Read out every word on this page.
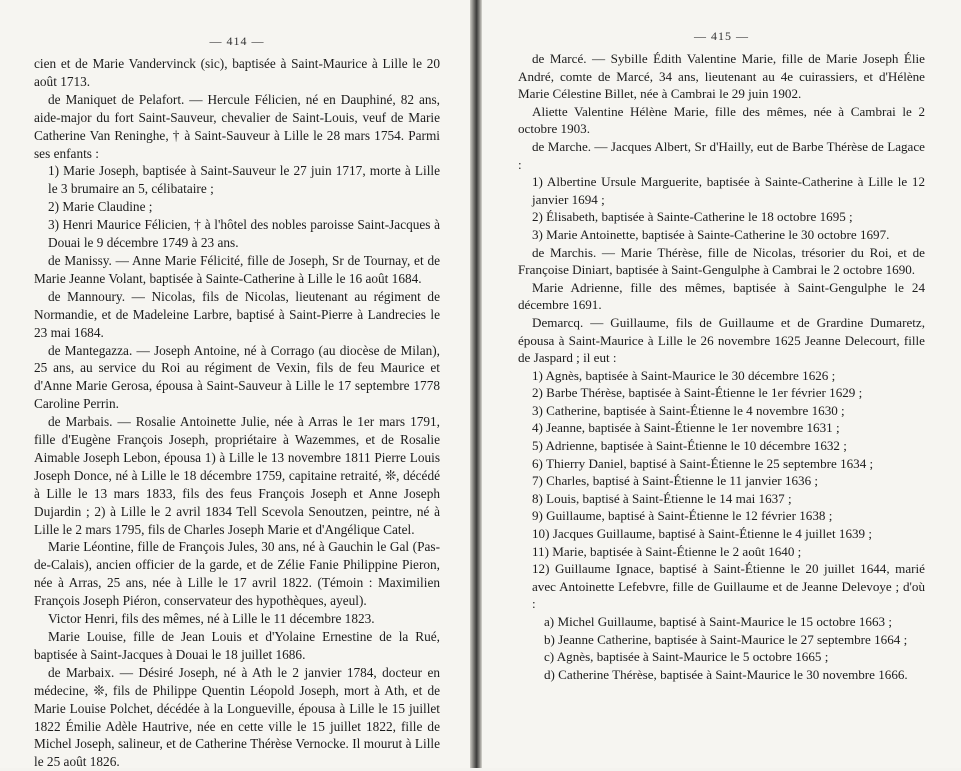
— 414 —

cien et de Marie Vandervinck (sic), baptisée à Saint-Maurice à Lille le 20 août 1713.

de Maniquet de Pelafort. — Hercule Félicien, né en Dauphiné, 82 ans, aide-major du fort Saint-Sauveur, chevalier de Saint-Louis, veuf de Marie Catherine Van Reninghe, † à Saint-Sauveur à Lille le 28 mars 1754. Parmi ses enfants :

1) Marie Joseph, baptisée à Saint-Sauveur le 27 juin 1717, morte à Lille le 3 brumaire an 5, célibataire ;

2) Marie Claudine ;

3) Henri Maurice Félicien, † à l'hôtel des nobles paroisse Saint-Jacques à Douai le 9 décembre 1749 à 23 ans.

de Manissy. — Anne Marie Félicité, fille de Joseph, Sr de Tournay, et de Marie Jeanne Volant, baptisée à Sainte-Catherine à Lille le 16 août 1684.

de Mannoury. — Nicolas, fils de Nicolas, lieutenant au régiment de Normandie, et de Madeleine Larbre, baptisé à Saint-Pierre à Landrecies le 23 mai 1684.

de Mantegazza. — Joseph Antoine, né à Corrago (au diocèse de Milan), 25 ans, au service du Roi au régiment de Vexin, fils de feu Maurice et d'Anne Marie Gerosa, épousa à Saint-Sauveur à Lille le 17 septembre 1778 Caroline Perrin.

de Marbais. — Rosalie Antoinette Julie, née à Arras le 1er mars 1791, fille d'Eugène François Joseph, propriétaire à Wazemmes, et de Rosalie Aimable Joseph Lebon, épousa 1) à Lille le 13 novembre 1811 Pierre Louis Joseph Donce, né à Lille le 18 décembre 1759, capitaine retraité, ❊, décédé à Lille le 13 mars 1833, fils des feus François Joseph et Anne Joseph Dujardin ; 2) à Lille le 2 avril 1834 Tell Scevola Senoutzen, peintre, né à Lille le 2 mars 1795, fils de Charles Joseph Marie et d'Angélique Catel.

Marie Léontine, fille de François Jules, 30 ans, né à Gauchin le Gal (Pas-de-Calais), ancien officier de la garde, et de Zélie Fanie Philippine Pieron, née à Arras, 25 ans, née à Lille le 17 avril 1822. (Témoin : Maximilien François Joseph Piéron, conservateur des hypothèques, ayeul).

Victor Henri, fils des mêmes, né à Lille le 11 décembre 1823.

Marie Louise, fille de Jean Louis et d'Yolaine Ernestine de la Rué, baptisée à Saint-Jacques à Douai le 18 juillet 1686.

de Marbaix. — Désiré Joseph, né à Ath le 2 janvier 1784, docteur en médecine, ❊, fils de Philippe Quentin Léopold Joseph, mort à Ath, et de Marie Louise Polchet, décédée à la Longueville, épousa à Lille le 15 juillet 1822 Émilie Adèle Hautrive, née en cette ville le 15 juillet 1822, fille de Michel Joseph, salineur, et de Catherine Thérèse Vernocke. Il mourut à Lille le 25 août 1826.

— 415 —

de Marcé. — Sybille Édith Valentine Marie, fille de Marie Joseph Élie André, comte de Marcé, 34 ans, lieutenant au 4e cuirassiers, et d'Hélène Marie Célestine Billet, née à Cambrai le 29 juin 1902.

Aliette Valentine Hélène Marie, fille des mêmes, née à Cambrai le 2 octobre 1903.

de Marche. — Jacques Albert, Sr d'Hailly, eut de Barbe Thérèse de Lagace :

1) Albertine Ursule Marguerite, baptisée à Sainte-Catherine à Lille le 12 janvier 1694 ;

2) Élisabeth, baptisée à Sainte-Catherine le 18 octobre 1695 ;

3) Marie Antoinette, baptisée à Sainte-Catherine le 30 octobre 1697.

de Marchis. — Marie Thérèse, fille de Nicolas, trésorier du Roi, et de Françoise Diniart, baptisée à Saint-Gengulphe à Cambrai le 2 octobre 1690.

Marie Adrienne, fille des mêmes, baptisée à Saint-Gengulphe le 24 décembre 1691.

Demarcq. — Guillaume, fils de Guillaume et de Grardine Dumaretz, épousa à Saint-Maurice à Lille le 26 novembre 1625 Jeanne Delecourt, fille de Jaspard ; il eut :

1) Agnès, baptisée à Saint-Maurice le 30 décembre 1626 ;

2) Barbe Thérèse, baptisée à Saint-Étienne le 1er février 1629 ;

3) Catherine, baptisée à Saint-Étienne le 4 novembre 1630 ;

4) Jeanne, baptisée à Saint-Étienne le 1er novembre 1631 ;

5) Adrienne, baptisée à Saint-Étienne le 10 décembre 1632 ;

6) Thierry Daniel, baptisé à Saint-Étienne le 25 septembre 1634 ;

7) Charles, baptisé à Saint-Étienne le 11 janvier 1636 ;

8) Louis, baptisé à Saint-Étienne le 14 mai 1637 ;

9) Guillaume, baptisé à Saint-Étienne le 12 février 1638 ;

10) Jacques Guillaume, baptisé à Saint-Étienne le 4 juillet 1639 ;

11) Marie, baptisée à Saint-Étienne le 2 août 1640 ;

12) Guillaume Ignace, baptisé à Saint-Étienne le 20 juillet 1644, marié avec Antoinette Lefebvre, fille de Guillaume et de Jeanne Delevoye ; d'où :

a) Michel Guillaume, baptisé à Saint-Maurice le 15 octobre 1663 ;

b) Jeanne Catherine, baptisée à Saint-Maurice le 27 septembre 1664 ;

c) Agnès, baptisée à Saint-Maurice le 5 octobre 1665 ;

d) Catherine Thérèse, baptisée à Saint-Maurice le 30 novembre 1666.
